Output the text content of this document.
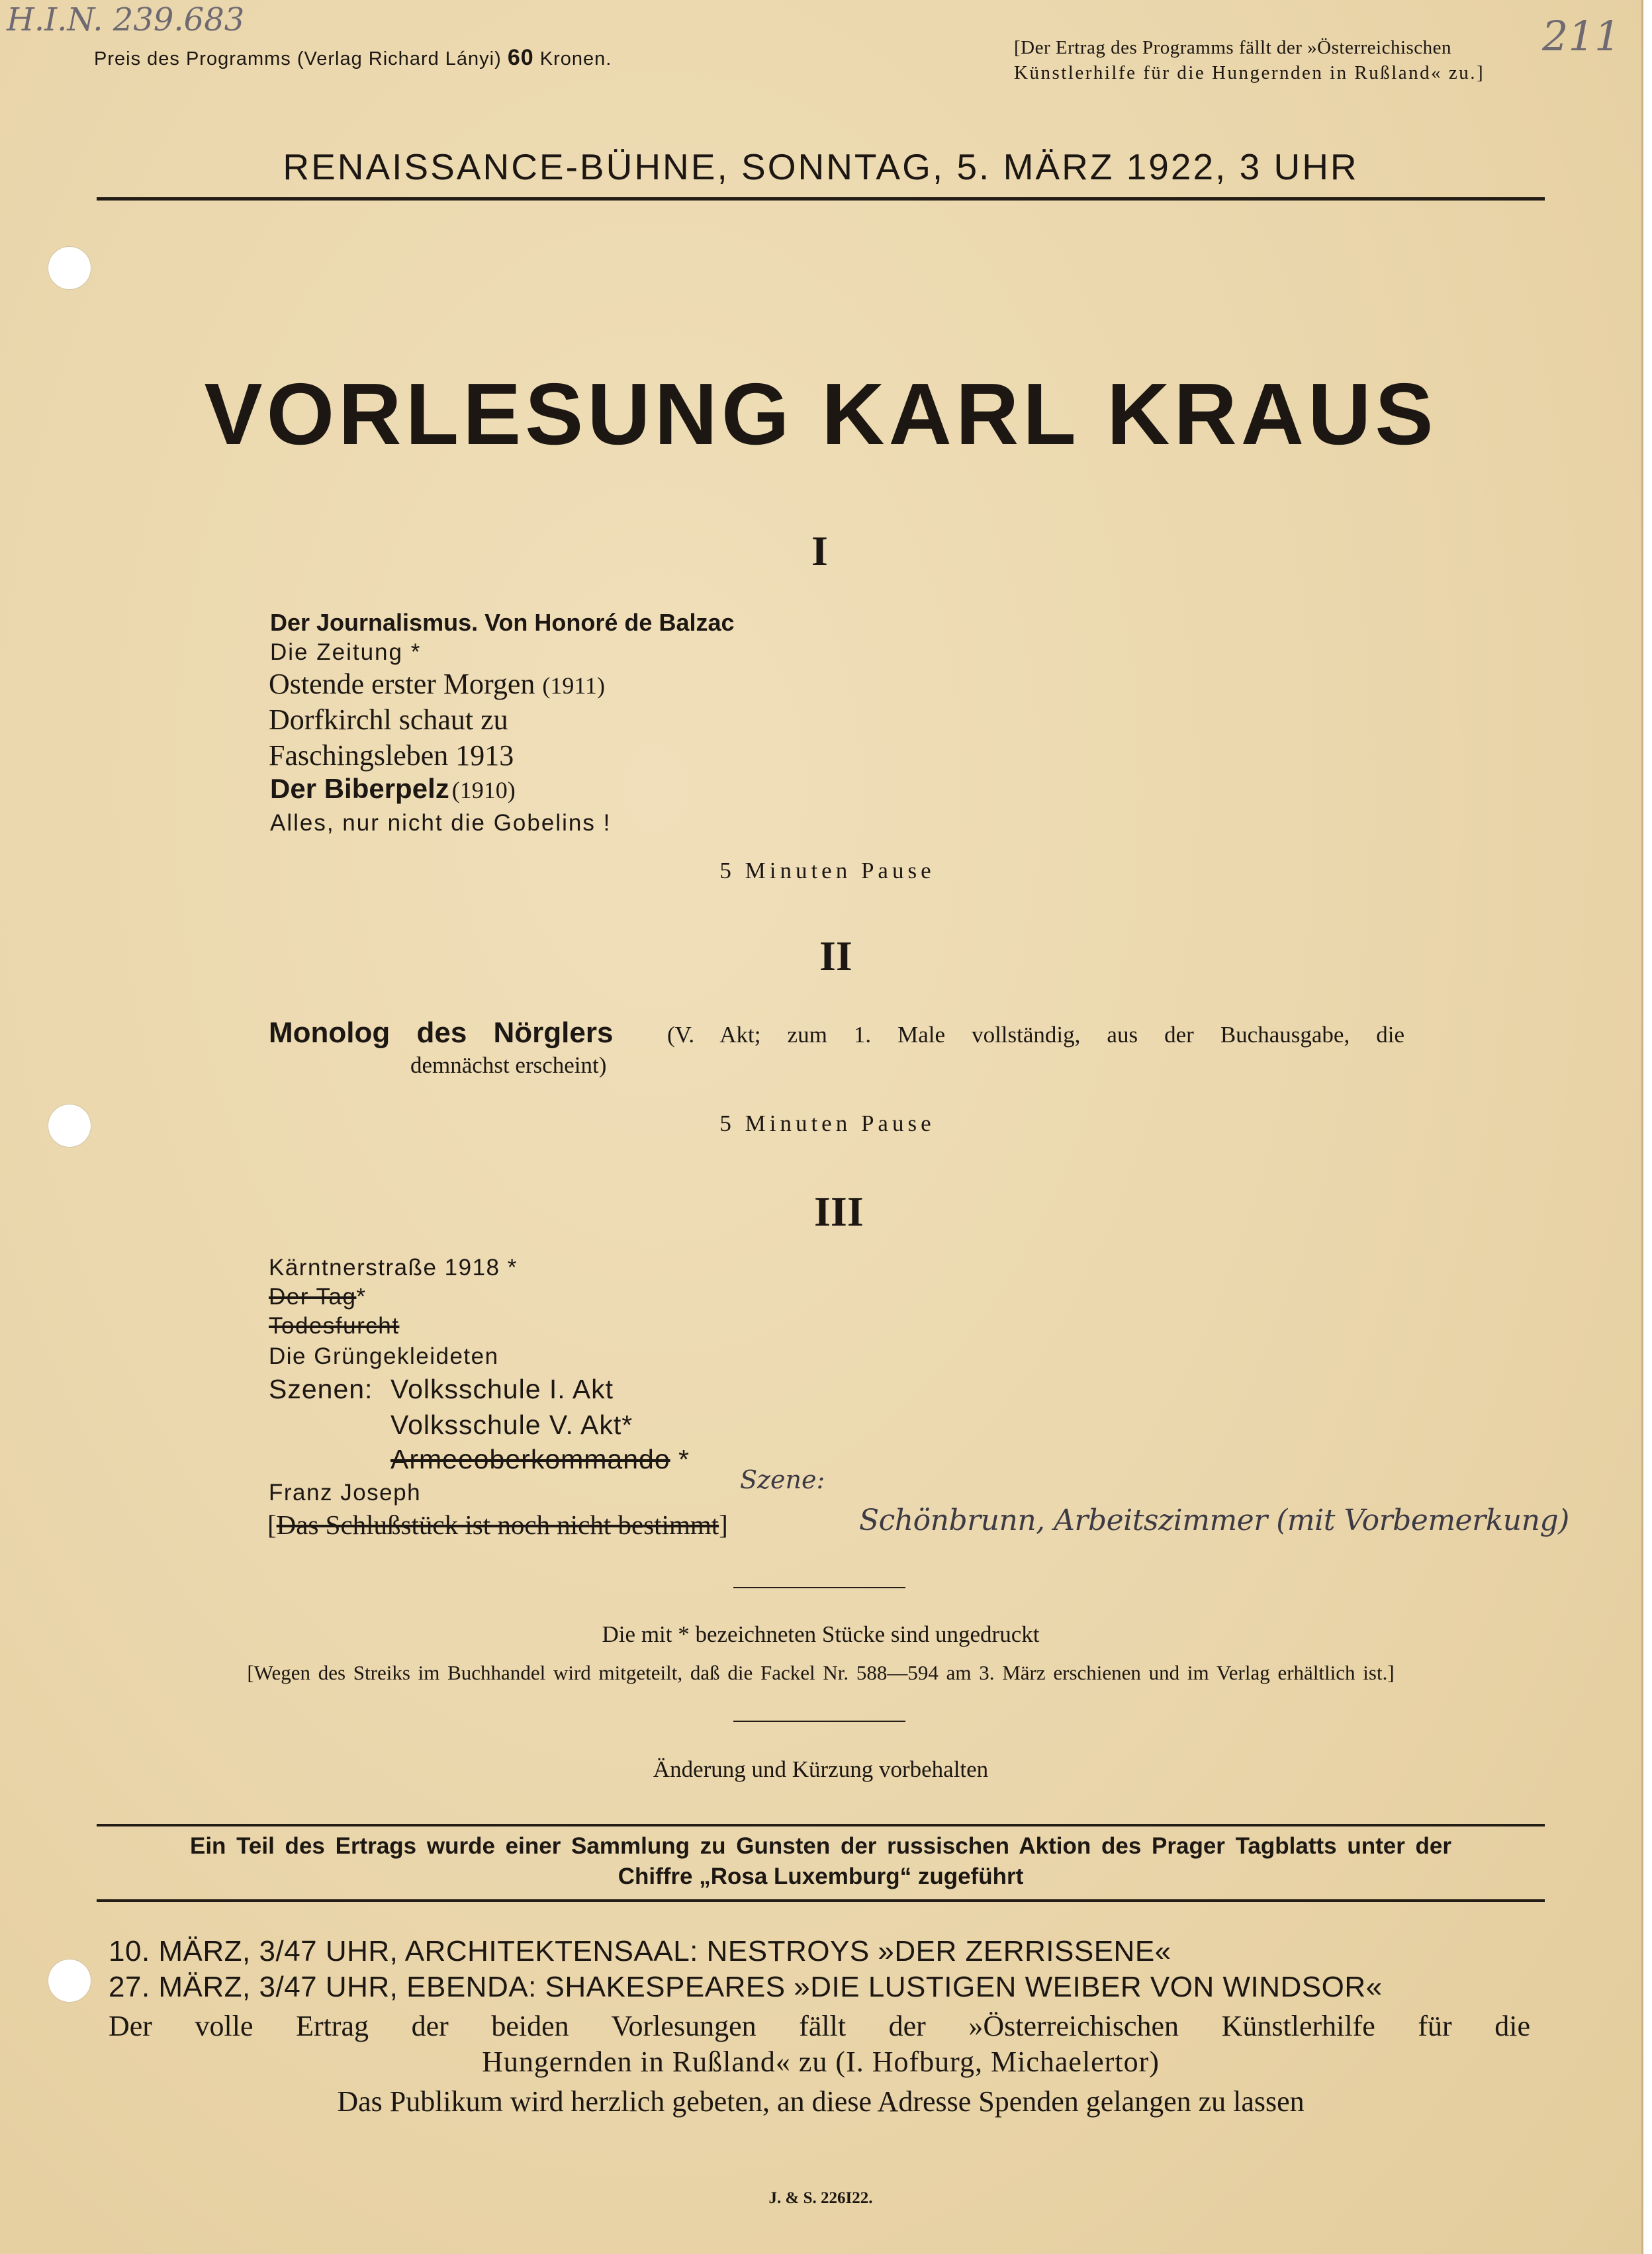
H.I.N. 239.683	211
Preis des Programms (Verlag Richard Lányi) 60 Kronen.
[Der Ertrag des Programms fällt der »Österreichischen
Künstlerhilfe für die Hungernden in Rußland« zu.]
RENAISSANCE-BÜHNE, SONNTAG, 5. MÄRZ 1922, 3 UHR
VORLESUNG KARL KRAUS
I
Der Journalismus. Von Honoré de Balzac
Die Zeitung *
Ostende erster Morgen (1911)
Dorfkirchl schaut zu
Faschingsleben 1913
Der Biberpelz (1910)
Alles, nur nicht die Gobelins !
5 Minuten Pause
II
Monolog des Nörglers (V. Akt; zum 1. Male vollständig, aus der Buchausgabe, die
demnächst erscheint)
5 Minuten Pause
III
Kärntnerstraße 1918 *
Der Tag*
Todesfurcht
Die Grüngekleideten
Szenen: Volksschule I. Akt
Volksschule V. Akt*
Armeeoberkommando *
Franz Joseph
[Das Schlußstück ist noch nicht bestimmt]
Szene:
Schönbrunn, Arbeitszimmer (mit Vorbemerkung)
Die mit * bezeichneten Stücke sind ungedruckt
[Wegen des Streiks im Buchhandel wird mitgeteilt, daß die Fackel Nr. 588—594 am 3. März erschienen und im Verlag erhältlich ist.]
Änderung und Kürzung vorbehalten
Ein Teil des Ertrags wurde einer Sammlung zu Gunsten der russischen Aktion des Prager Tagblatts unter der
Chiffre „Rosa Luxemburg“ zugeführt
10. MÄRZ, 3/47 UHR, ARCHITEKTENSAAL: NESTROYS »DER ZERRISSENE«
27. MÄRZ, 3/47 UHR, EBENDA: SHAKESPEARES »DIE LUSTIGEN WEIBER VON WINDSOR«
Der volle Ertrag der beiden Vorlesungen fällt der »Österreichischen Künstlerhilfe für die
Hungernden in Rußland« zu (I. Hofburg, Michaelertor)
Das Publikum wird herzlich gebeten, an diese Adresse Spenden gelangen zu lassen
J. & S. 226I22.
